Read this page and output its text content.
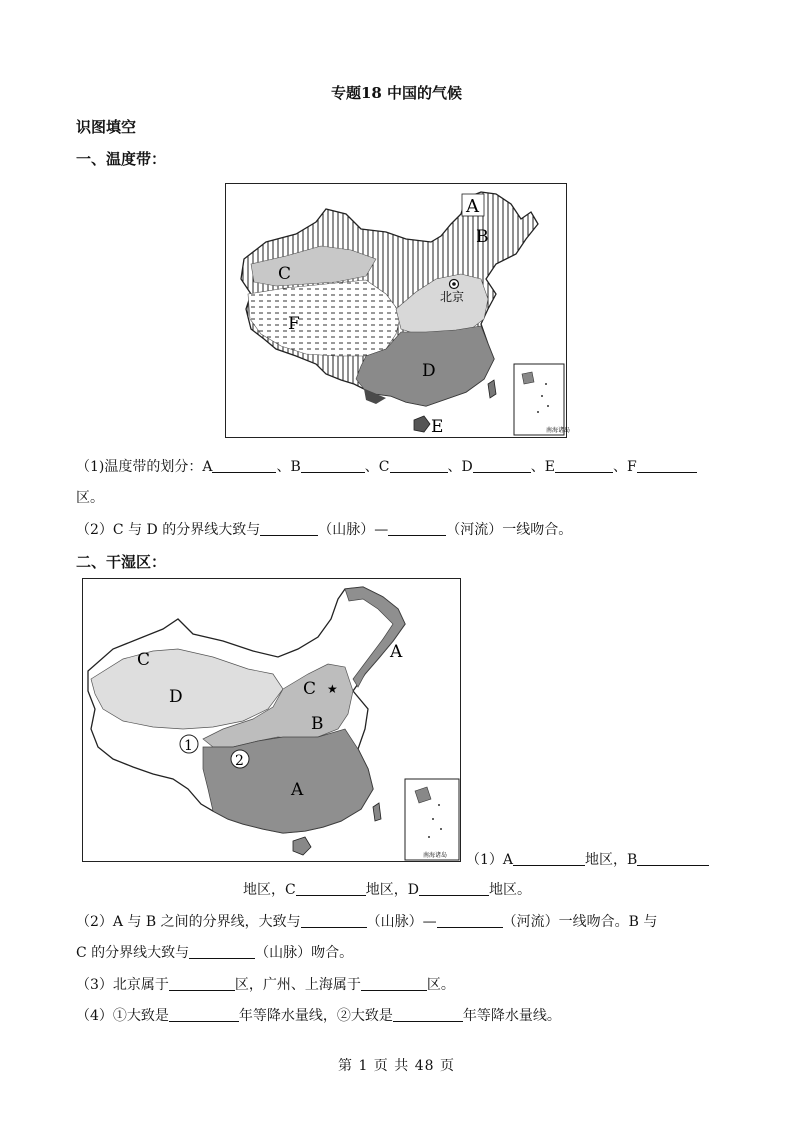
专题18 中国的气候
识图填空
一、温度带：
A
B
C
D
E
F
北京
南海诸岛
（1)温度带的划分：A	、B	、C	、D	、E	、F
区。
（2）C 与 D 的分界线大致与	（山脉）—	（河流）一线吻合。
二、干湿区：
★
1
2
A
A
B
C
C
D
南海诸岛 （1）A	地区，B
地区，C	地区，D	地区。
（2）A 与 B 之间的分界线，大致与	（山脉）—	（河流）一线吻合。B 与
C 的分界线大致与	（山脉）吻合。
（3）北京属于	区，广州、上海属于	区。
（4）①大致是	年等降水量线，②大致是	年等降水量线。
第 1 页 共 48 页
